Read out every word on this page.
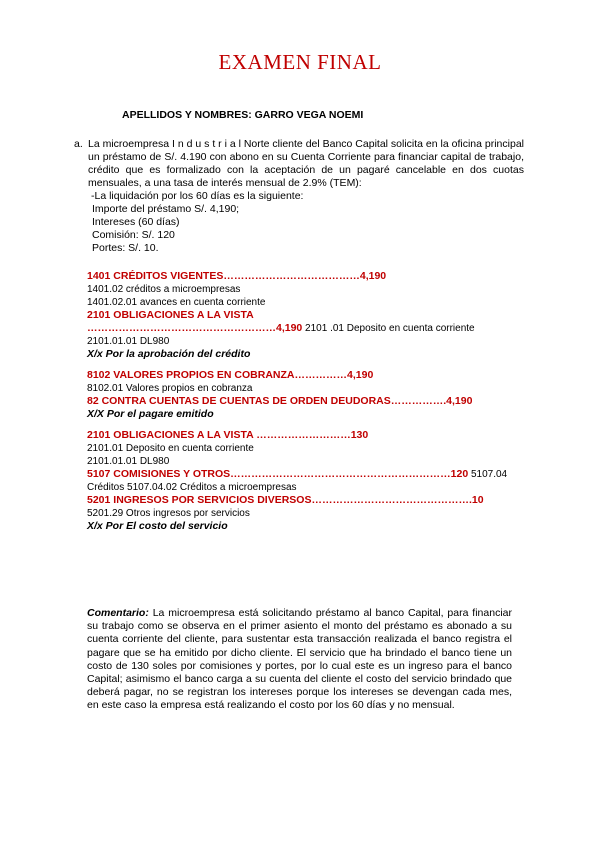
EXAMEN FINAL
APELLIDOS Y NOMBRES: GARRO VEGA NOEMI
a. La microempresa I n d u s t r i a l Norte cliente del Banco Capital solicita en la oficina principal un préstamo de S/. 4.190 con abono en su Cuenta Corriente para financiar capital de trabajo, crédito que es formalizado con la aceptación de un pagaré cancelable en dos cuotas mensuales, a una tasa de interés mensual de 2.9% (TEM):
-La liquidación por los 60 días es la siguiente:
Importe del préstamo S/. 4,190;
Intereses (60 días)
Comisión: S/. 120
Portes: S/. 10.
1401 CRÉDITOS VIGENTES…………………………………4,190
1401.02 créditos a microempresas
1401.02.01 avances en cuenta corriente
2101 OBLIGACIONES A LA VISTA
………………………………………………4,190 2101 .01 Deposito en cuenta corriente
2101.01.01 DL980
X/x Por la aprobación del crédito
8102 VALORES PROPIOS EN COBRANZA……………4,190
8102.01 Valores propios en cobranza
82 CONTRA CUENTAS DE CUENTAS DE ORDEN DEUDORAS…………….4,190
X/X Por el pagare emitido
2101 OBLIGACIONES A LA VISTA ………………………130
2101.01 Deposito en cuenta corriente
2101.01.01 DL980
5107 COMISIONES Y OTROS………………………………………………………120 5107.04 Créditos 5107.04.02 Créditos a microempresas
5201 INGRESOS POR SERVICIOS DIVERSOS……………………………………….10 5201.29 Otros ingresos por servicios
X/x Por El costo del servicio
Comentario: La microempresa está solicitando préstamo al banco Capital, para financiar su trabajo como se observa en el primer asiento el monto del préstamo es abonado a su cuenta corriente del cliente, para sustentar esta transacción realizada el banco registra el pagare que se ha emitido por dicho cliente. El servicio que ha brindado el banco tiene un costo de 130 soles por comisiones y portes, por lo cual este es un ingreso para el banco Capital; asimismo el banco carga a su cuenta del cliente el costo del servicio brindado que deberá pagar, no se registran los intereses porque los intereses se devengan cada mes, en este caso la empresa está realizando el costo por los 60 días y no mensual.
